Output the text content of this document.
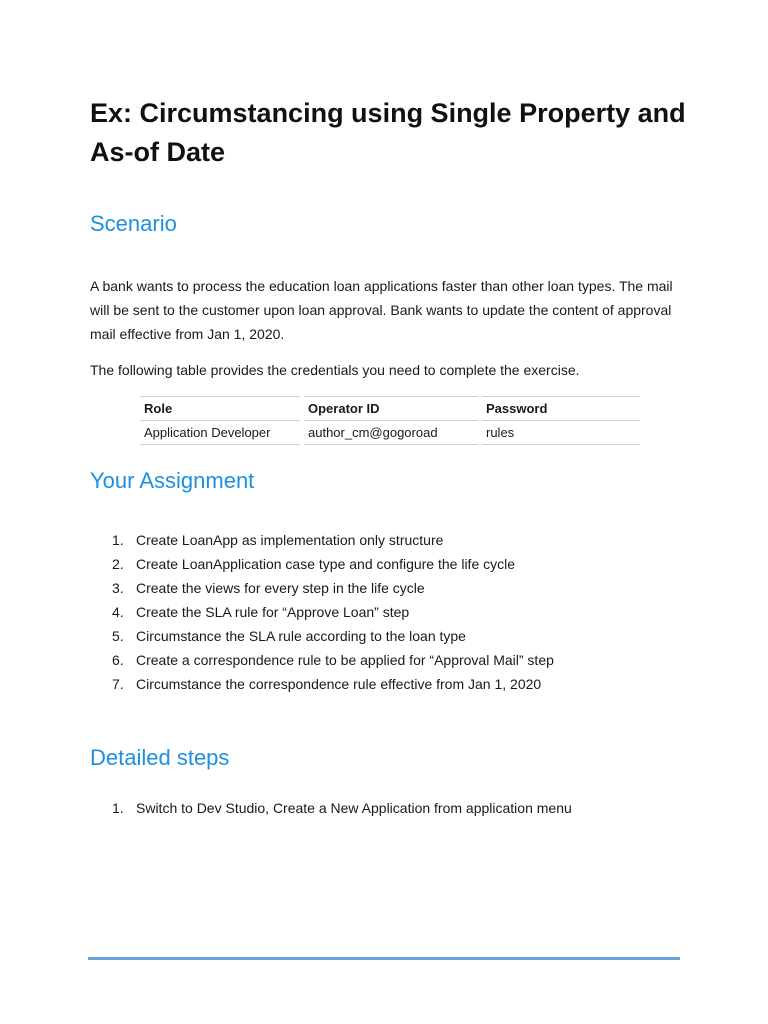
Ex: Circumstancing using Single Property and As-of Date
Scenario

A bank wants to process the education loan applications faster than other loan types. The mail will be sent to the customer upon loan approval. Bank wants to update the content of approval mail effective from Jan 1, 2020.

The following table provides the credentials you need to complete the exercise.

Role	Operator ID	Password
Application Developer	author_cm@gogoroad	rules
Your Assignment
1. Create LoanApp as implementation only structure
2. Create LoanApplication case type and configure the life cycle
3. Create the views for every step in the life cycle
4. Create the SLA rule for “Approve Loan” step
5. Circumstance the SLA rule according to the loan type
6. Create a correspondence rule to be applied for “Approval Mail” step
7. Circumstance the correspondence rule effective from Jan 1, 2020
Detailed steps
1. Switch to Dev Studio, Create a New Application from application menu
